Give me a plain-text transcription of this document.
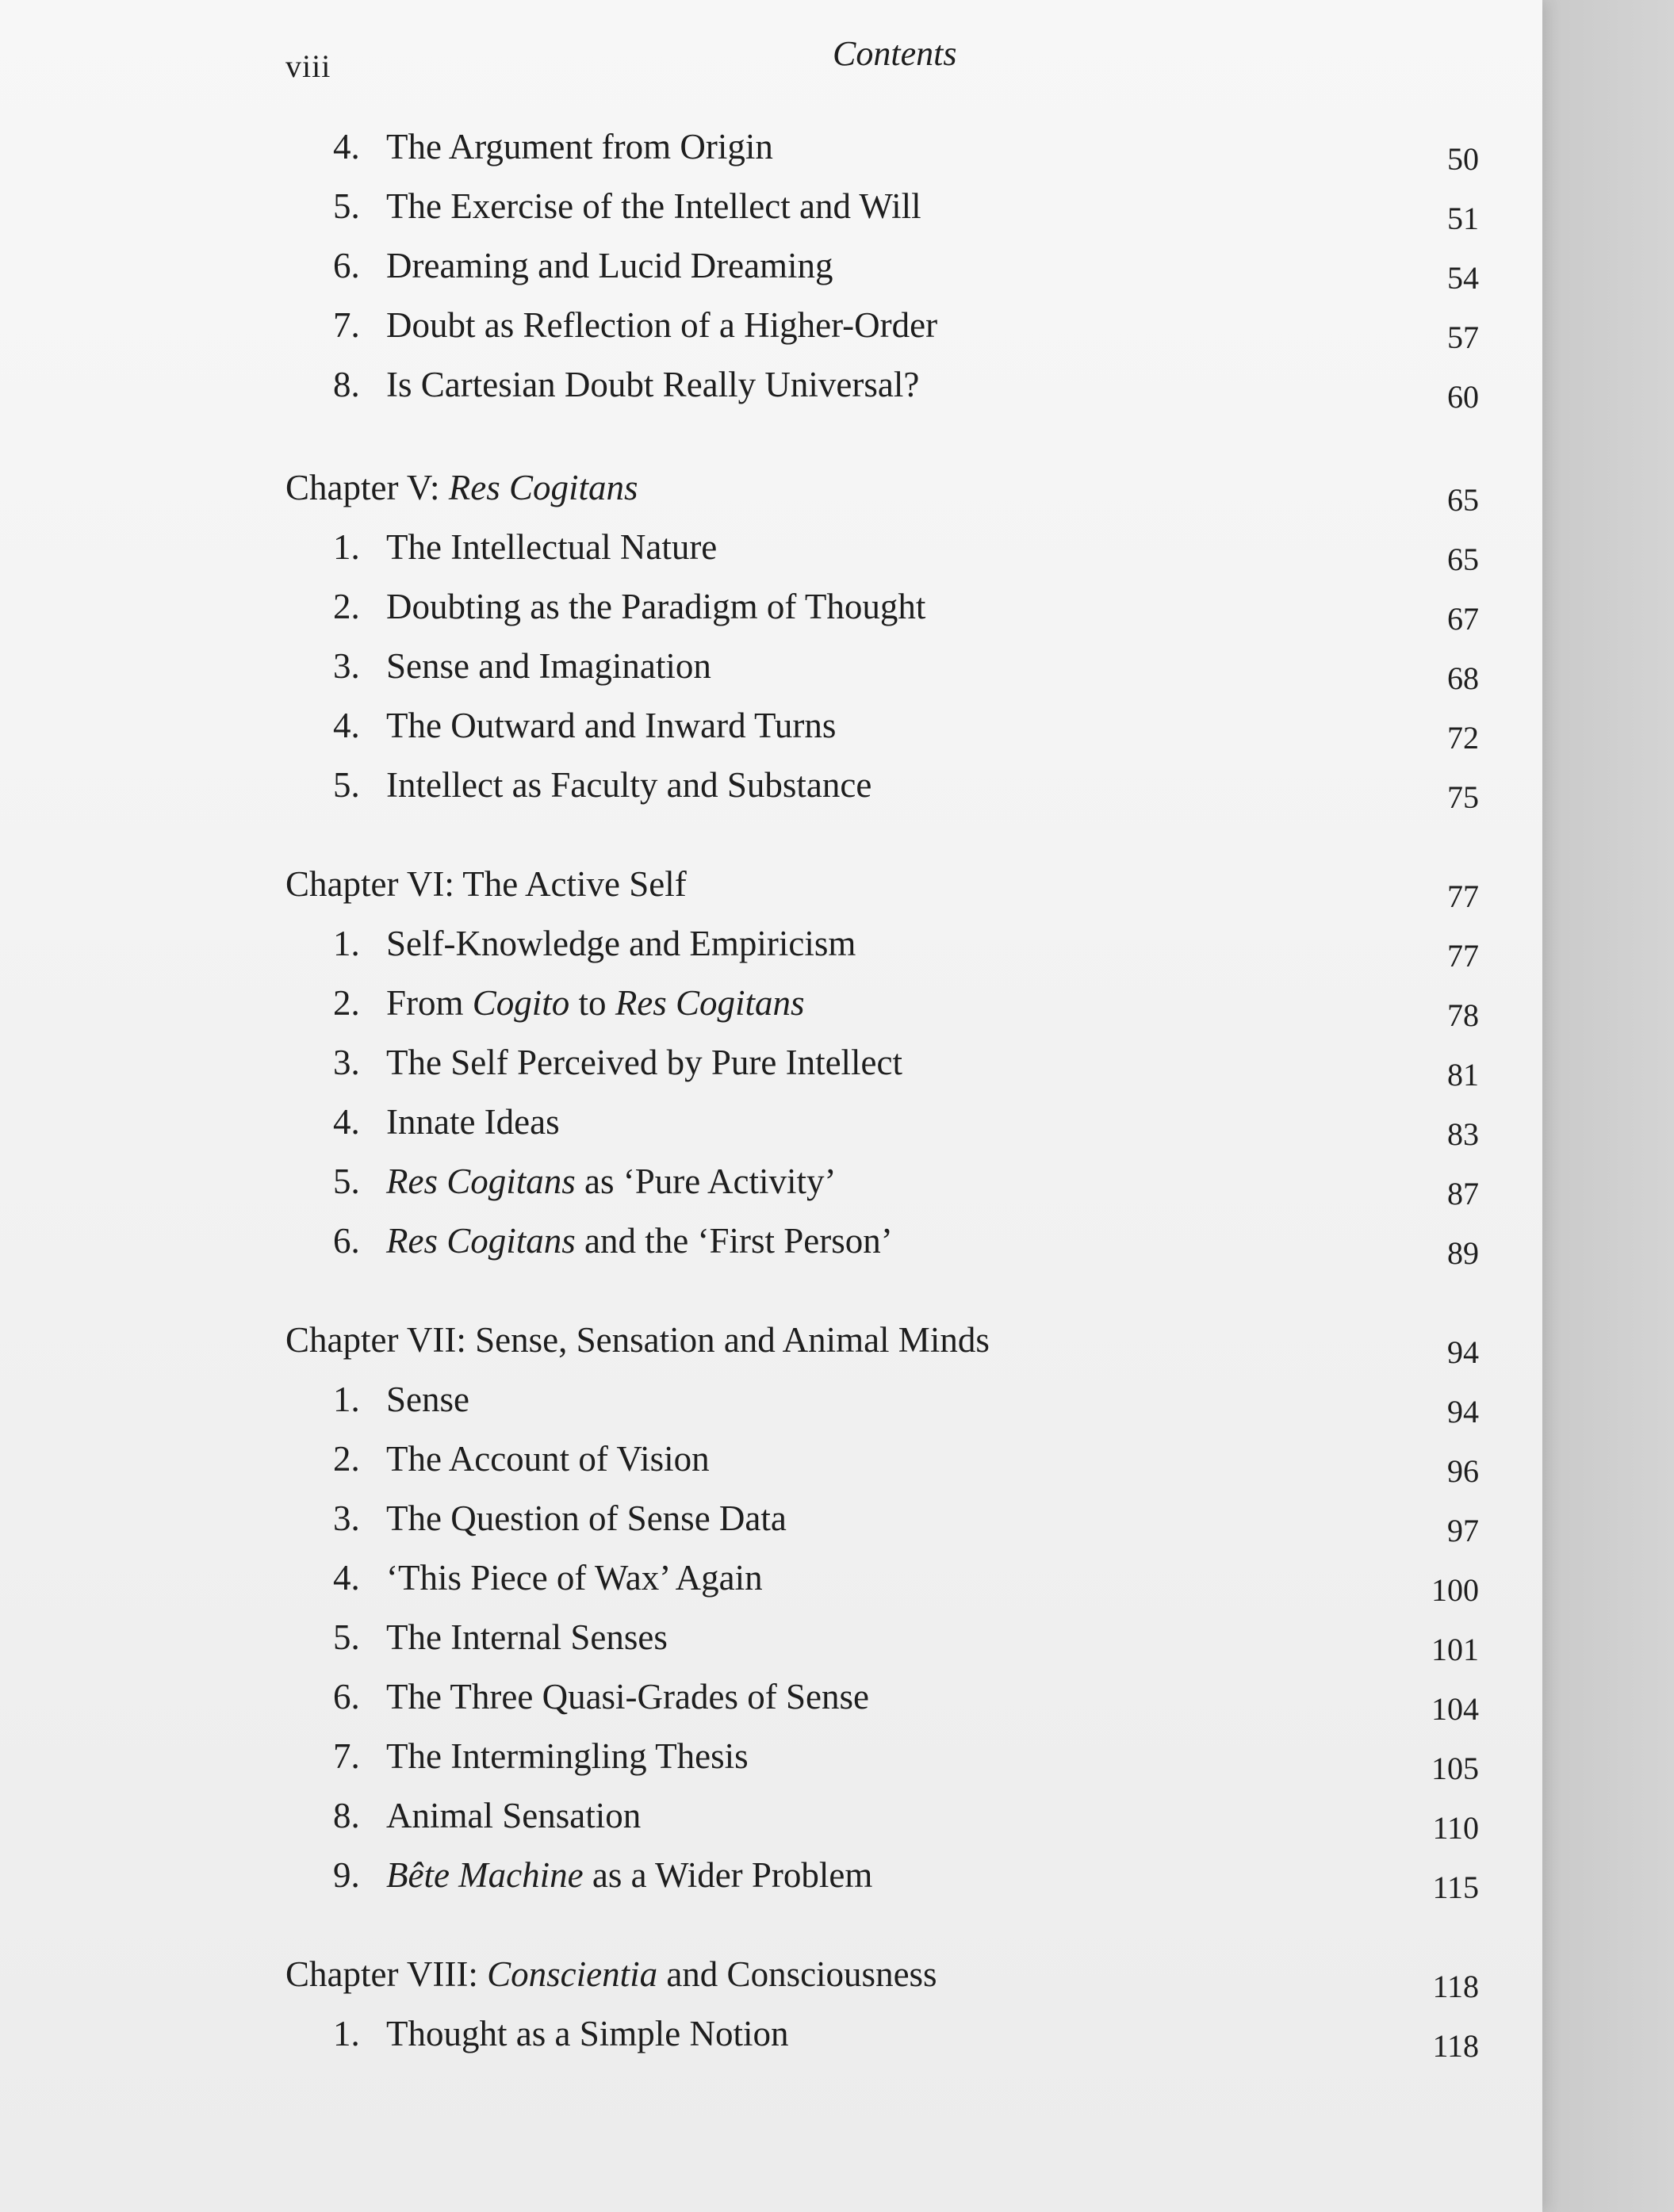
viii	Contents
4. The Argument from Origin	50
5. The Exercise of the Intellect and Will	51
6. Dreaming and Lucid Dreaming	54
7. Doubt as Reflection of a Higher-Order	57
8. Is Cartesian Doubt Really Universal?	60
Chapter V: Res Cogitans	65
1. The Intellectual Nature	65
2. Doubting as the Paradigm of Thought	67
3. Sense and Imagination	68
4. The Outward and Inward Turns	72
5. Intellect as Faculty and Substance	75
Chapter VI: The Active Self	77
1. Self-Knowledge and Empiricism	77
2. From Cogito to Res Cogitans	78
3. The Self Perceived by Pure Intellect	81
4. Innate Ideas	83
5. Res Cogitans as ‘Pure Activity’	87
6. Res Cogitans and the ‘First Person’	89
Chapter VII: Sense, Sensation and Animal Minds	94
1. Sense	94
2. The Account of Vision	96
3. The Question of Sense Data	97
4. ‘This Piece of Wax’ Again	100
5. The Internal Senses	101
6. The Three Quasi-Grades of Sense	104
7. The Intermingling Thesis	105
8. Animal Sensation	110
9. Bête Machine as a Wider Problem	115
Chapter VIII: Conscientia and Consciousness	118
1. Thought as a Simple Notion	118
